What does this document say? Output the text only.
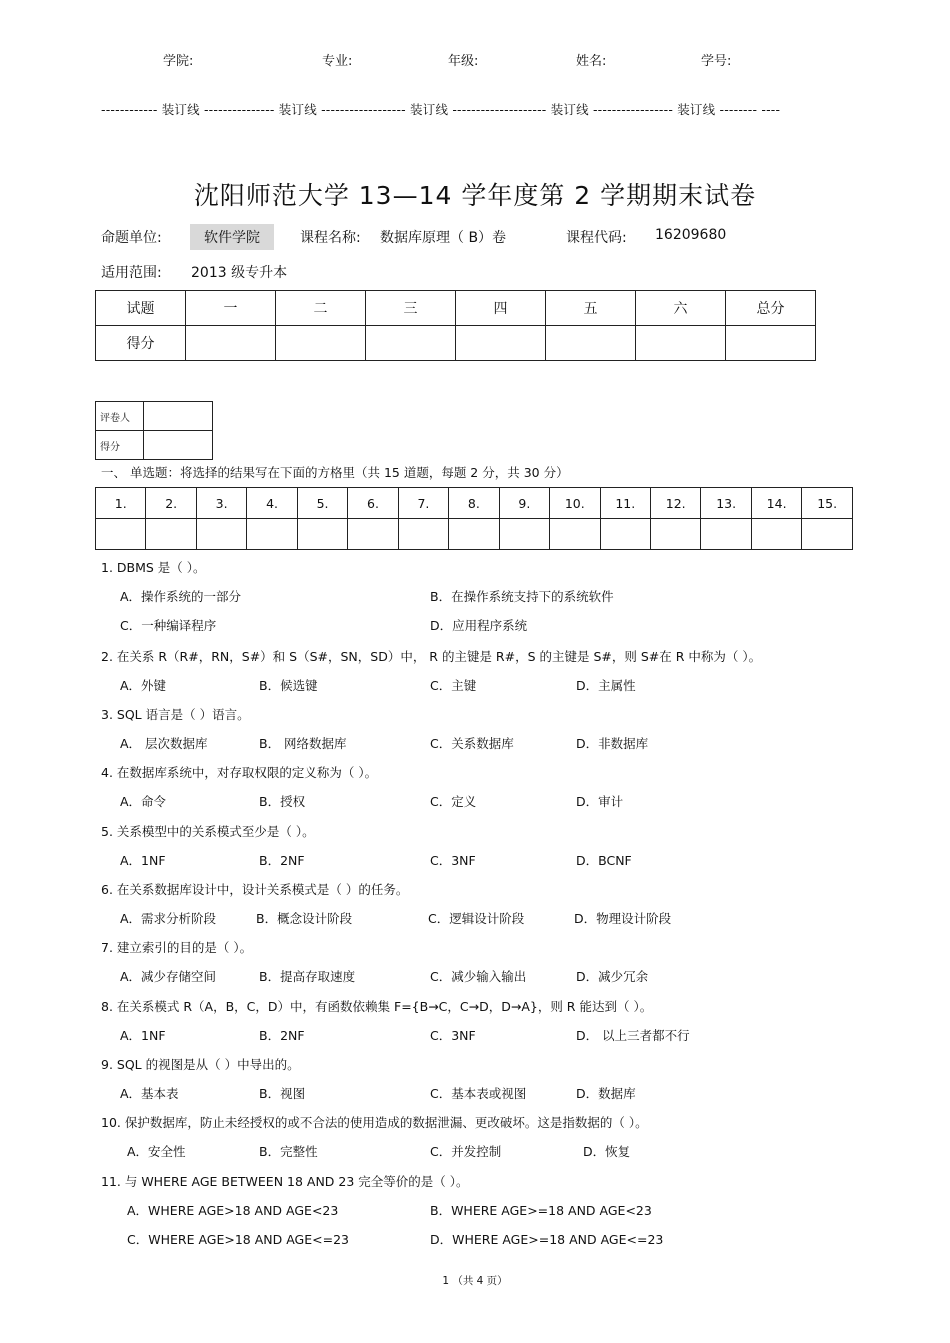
学院:	专业:	年级:	姓名:	学号:
------------ 装订线 --------------- 装订线 ------------------ 装订线 -------------------- 装订线 ----------------- 装订线 -------- ----
沈阳师范大学 13—14 学年度第 2 学期期末试卷
命题单位:	软件学院	课程名称: 数据库原理（ B）卷	课程代码: 16209680
适用范围: 2013 级专升本
试题	一	二	三	四	五	六	总分
得分							
评卷人	
得分	
一、 单选题：将选择的结果写在下面的方格里（共 15 道题，每题 2 分，共 30 分）
1.	2.	3.	4.	5.	6.	7.	8.	9.	10.	11.	12.	13.	14.	15.

1. DBMS 是（ ）。
A．操作系统的一部分	B．在操作系统支持下的系统软件
C．一种编译程序	D．应用程序系统
2. 在关系 R（R#，RN，S#）和 S（S#，SN，SD）中， R 的主键是 R#，S 的主键是 S#，则 S#在 R 中称为（ ）。
A．外键	B．候选键	C．主键	D．主属性
3. SQL 语言是（ ）语言。
A． 层次数据库	B． 网络数据库	C．关系数据库	D．非数据库
4. 在数据库系统中，对存取权限的定义称为（ ）。
A．命令	B．授权	C．定义	D．审计
5. 关系模型中的关系模式至少是（ ）。
A．1NF	B．2NF	C．3NF	D．BCNF
6. 在关系数据库设计中，设计关系模式是（ ）的任务。
A．需求分析阶段	B．概念设计阶段	C．逻辑设计阶段	D．物理设计阶段
7. 建立索引的目的是（ ）。
A．减少存储空间	B．提高存取速度	C．减少输入输出	D．减少冗余
8. 在关系模式 R（A，B，C，D）中，有函数依赖集 F={B→C，C→D，D→A}，则 R 能达到（ ）。
A．1NF	B．2NF	C．3NF	D． 以上三者都不行
9. SQL 的视图是从（ ）中导出的。
A．基本表	B．视图	C．基本表或视图	D．数据库
10. 保护数据库，防止未经授权的或不合法的使用造成的数据泄漏、更改破坏。这是指数据的（ ）。
A．安全性	B．完整性	C．并发控制	D．恢复
11. 与 WHERE AGE BETWEEN 18 AND 23 完全等价的是（ ）。
A．WHERE AGE>18 AND AGE<23	B．WHERE AGE>=18 AND AGE<23
C．WHERE AGE>18 AND AGE<=23	D．WHERE AGE>=18 AND AGE<=23
1 （共 4 页）
